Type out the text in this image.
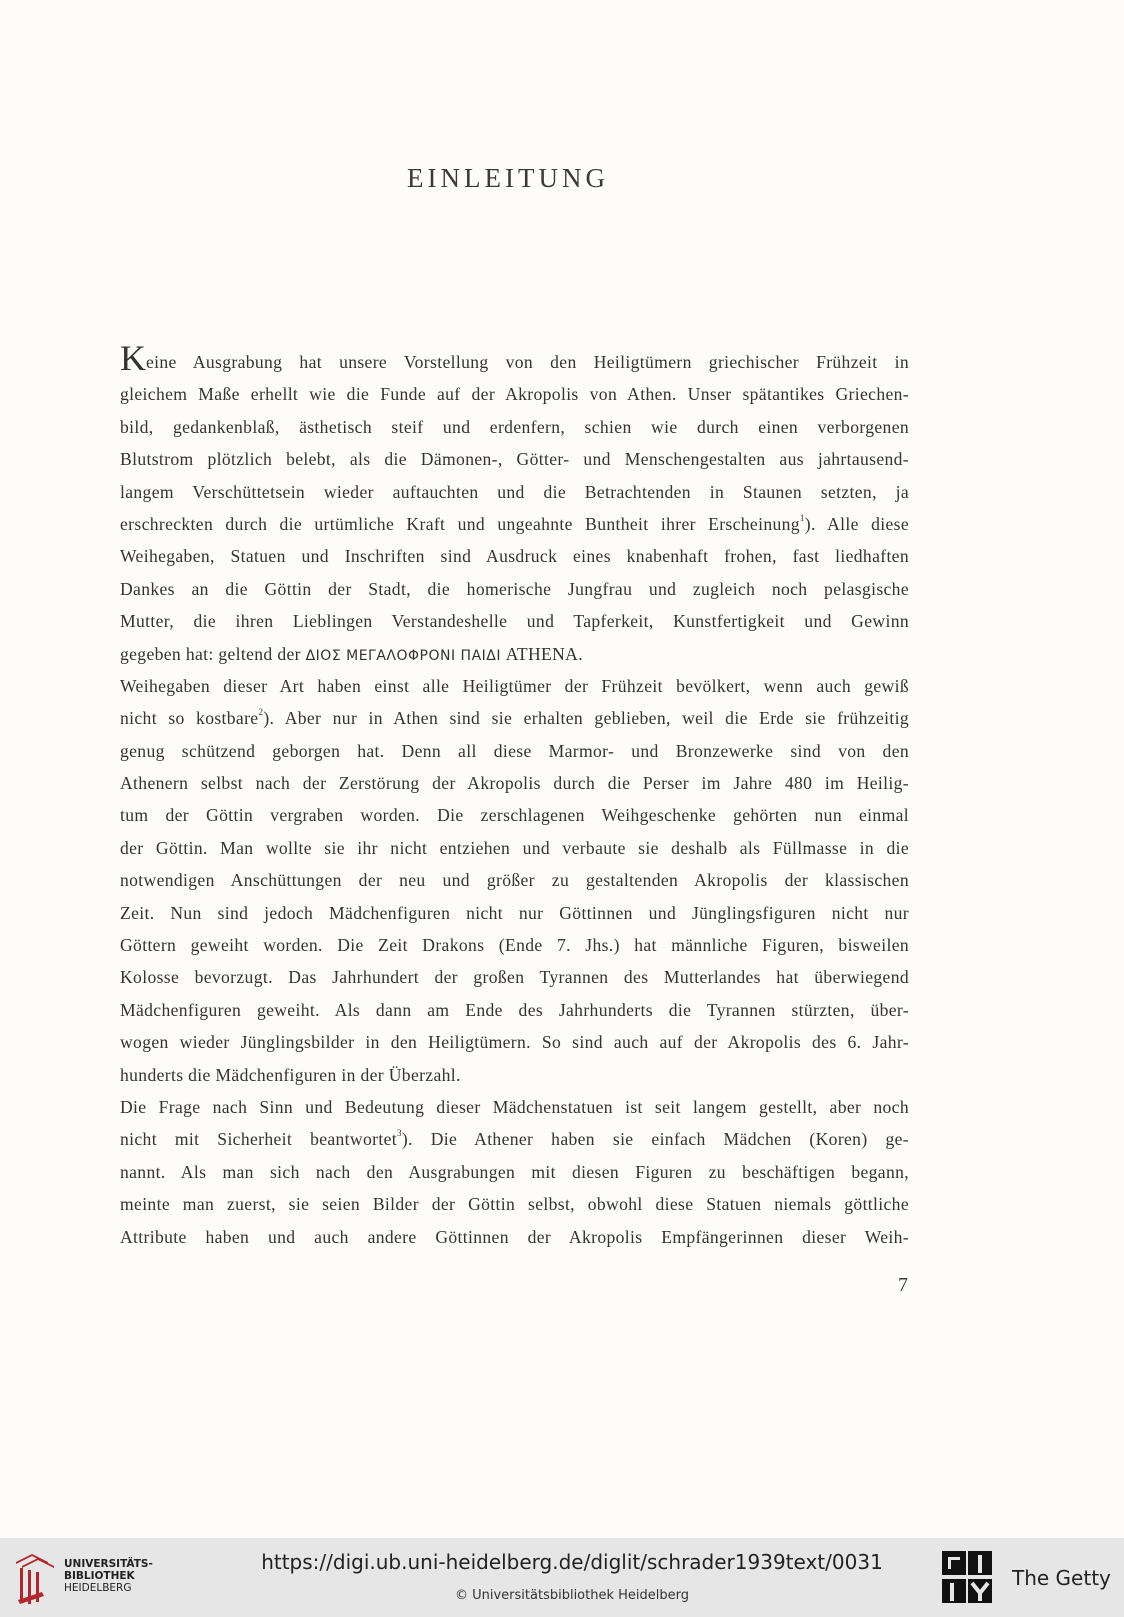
EINLEITUNG
Keine Ausgrabung hat unsere Vorstellung von den Heiligtümern griechischer Frühzeit in
gleichem Maße erhellt wie die Funde auf der Akropolis von Athen. Unser spätantikes Griechen-
bild, gedankenblaß, ästhetisch steif und erdenfern, schien wie durch einen verborgenen
Blutstrom plötzlich belebt, als die Dämonen-, Götter- und Menschengestalten aus jahrtausend-
langem Verschüttetsein wieder auftauchten und die Betrachtenden in Staunen setzten, ja
erschreckten durch die urtümliche Kraft und ungeahnte Buntheit ihrer Erscheinung$^1$). Alle diese
Weihegaben, Statuen und Inschriften sind Ausdruck eines knabenhaft frohen, fast liedhaften
Dankes an die Göttin der Stadt, die homerische Jungfrau und zugleich noch pelasgische
Mutter, die ihren Lieblingen Verstandeshelle und Tapferkeit, Kunstfertigkeit und Gewinn
gegeben hat: geltend der ΔΙΟΣ ΜΕΓΑΛΟΦΡΟΝΙ ΠΑΙΔΙ ATHENA.
Weihegaben dieser Art haben einst alle Heiligtümer der Frühzeit bevölkert, wenn auch gewiß
nicht so kostbare$^2$). Aber nur in Athen sind sie erhalten geblieben, weil die Erde sie frühzeitig
genug schützend geborgen hat. Denn all diese Marmor- und Bronzewerke sind von den
Athenern selbst nach der Zerstörung der Akropolis durch die Perser im Jahre 480 im Heilig-
tum der Göttin vergraben worden. Die zerschlagenen Weihgeschenke gehörten nun einmal
der Göttin. Man wollte sie ihr nicht entziehen und verbaute sie deshalb als Füllmasse in die
notwendigen Anschüttungen der neu und größer zu gestaltenden Akropolis der klassischen
Zeit. Nun sind jedoch Mädchenfiguren nicht nur Göttinnen und Jünglingsfiguren nicht nur
Göttern geweiht worden. Die Zeit Drakons (Ende 7. Jhs.) hat männliche Figuren, bisweilen
Kolosse bevorzugt. Das Jahrhundert der großen Tyrannen des Mutterlandes hat überwiegend
Mädchenfiguren geweiht. Als dann am Ende des Jahrhunderts die Tyrannen stürzten, über-
wogen wieder Jünglingsbilder in den Heiligtümern. So sind auch auf der Akropolis des 6. Jahr-
hunderts die Mädchenfiguren in der Überzahl.
Die Frage nach Sinn und Bedeutung dieser Mädchenstatuen ist seit langem gestellt, aber noch
nicht mit Sicherheit beantwortet$^3$). Die Athener haben sie einfach Mädchen (Koren) ge-
nannt. Als man sich nach den Ausgrabungen mit diesen Figuren zu beschäftigen begann,
meinte man zuerst, sie seien Bilder der Göttin selbst, obwohl diese Statuen niemals göttliche
Attribute haben und auch andere Göttinnen der Akropolis Empfängerinnen dieser Weih-
7
UNIVERSITÄTS-
BIBLIOTHEK
HEIDELBERG
https://digi.ub.uni-heidelberg.de/diglit/schrader1939text/0031
© Universitätsbibliothek Heidelberg
The Getty
